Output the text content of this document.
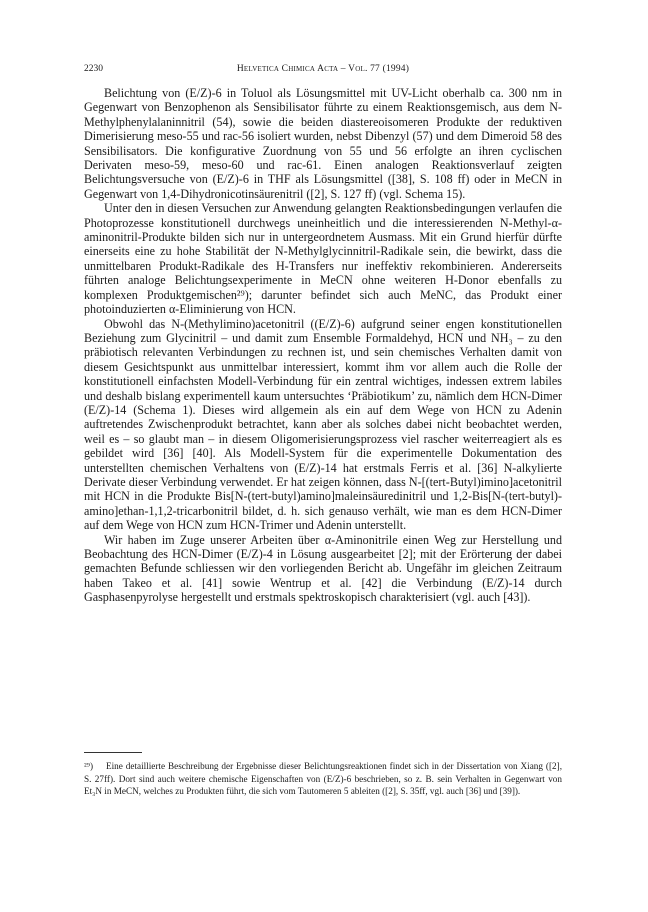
2230	Helvetica Chimica Acta – Vol. 77 (1994)

Belichtung von (E/Z)-6 in Toluol als Lösungsmittel mit UV-Licht oberhalb ca. 300 nm in Gegenwart von Benzophenon als Sensibilisator führte zu einem Reaktionsgemisch, aus dem N-Methylphenylalaninnitril (54), sowie die beiden diastereoisomeren Produkte der reduktiven Dimerisierung meso-55 und rac-56 isoliert wurden, nebst Dibenzyl (57) und dem Dimeroid 58 des Sensibilisators. Die konfigurative Zuordnung von 55 und 56 erfolgte an ihren cyclischen Derivaten meso-59, meso-60 und rac-61. Einen analogen Reaktionsverlauf zeigten Belichtungsversuche von (E/Z)-6 in THF als Lösungsmittel ([38], S. 108 ff) oder in MeCN in Gegenwart von 1,4-Dihydronicotinsäurenitril ([2], S. 127 ff) (vgl. Schema 15).

Unter den in diesen Versuchen zur Anwendung gelangten Reaktionsbedingungen verlaufen die Photoprozesse konstitutionell durchwegs uneinheitlich und die interessierenden N-Methyl-α-aminonitril-Produkte bilden sich nur in untergeordnetem Ausmass. Mit ein Grund hierfür dürfte einerseits eine zu hohe Stabilität der N-Methylglycinnitril-Radikale sein, die bewirkt, dass die unmittelbaren Produkt-Radikale des H-Transfers nur ineffektiv rekombinieren. Andererseits führten analoge Belichtungsexperimente in MeCN ohne weiteren H-Donor ebenfalls zu komplexen Produktgemischen²⁹); darunter befindet sich auch MeNC, das Produkt einer photoinduzierten α-Eliminierung von HCN.

Obwohl das N-(Methylimino)acetonitril ((E/Z)-6) aufgrund seiner engen konstitutionellen Beziehung zum Glycinitril – und damit zum Ensemble Formaldehyd, HCN und NH₃ – zu den präbiotisch relevanten Verbindungen zu rechnen ist, und sein chemisches Verhalten damit von diesem Gesichtspunkt aus unmittelbar interessiert, kommt ihm vor allem auch die Rolle der konstitutionell einfachsten Modell-Verbindung für ein zentral wichtiges, indessen extrem labiles und deshalb bislang experimentell kaum untersuchtes ‘Präbiotikum’ zu, nämlich dem HCN-Dimer (E/Z)-14 (Schema 1). Dieses wird allgemein als ein auf dem Wege von HCN zu Adenin auftretendes Zwischenprodukt betrachtet, kann aber als solches dabei nicht beobachtet werden, weil es – so glaubt man – in diesem Oligomerisierungsprozess viel rascher weiterreagiert als es gebildet wird [36] [40]. Als Modell-System für die experimentelle Dokumentation des unterstellten chemischen Verhaltens von (E/Z)-14 hat erstmals Ferris et al. [36] N-alkylierte Derivate dieser Verbindung verwendet. Er hat zeigen können, dass N-[(tert-Butyl)imino]acetonitril mit HCN in die Produkte Bis[N-(tert-butyl)amino]maleinsäuredinitril und 1,2-Bis[N-(tert-butyl)-amino]ethan-1,1,2-tricarbonitril bildet, d. h. sich genauso verhält, wie man es dem HCN-Dimer auf dem Wege von HCN zum HCN-Trimer und Adenin unterstellt.

Wir haben im Zuge unserer Arbeiten über α-Aminonitrile einen Weg zur Herstellung und Beobachtung des HCN-Dimer (E/Z)-4 in Lösung ausgearbeitet [2]; mit der Erörterung der dabei gemachten Befunde schliessen wir den vorliegenden Bericht ab. Ungefähr im gleichen Zeitraum haben Takeo et al. [41] sowie Wentrup et al. [42] die Verbindung (E/Z)-14 durch Gasphasenpyrolyse hergestellt und erstmals spektroskopisch charakterisiert (vgl. auch [43]).

²⁹) Eine detaillierte Beschreibung der Ergebnisse dieser Belichtungsreaktionen findet sich in der Dissertation von Xiang ([2], S. 27ff). Dort sind auch weitere chemische Eigenschaften von (E/Z)-6 beschrieben, so z. B. sein Verhalten in Gegenwart von Et₃N in MeCN, welches zu Produkten führt, die sich vom Tautomeren 5 ableiten ([2], S. 35ff, vgl. auch [36] und [39]).
